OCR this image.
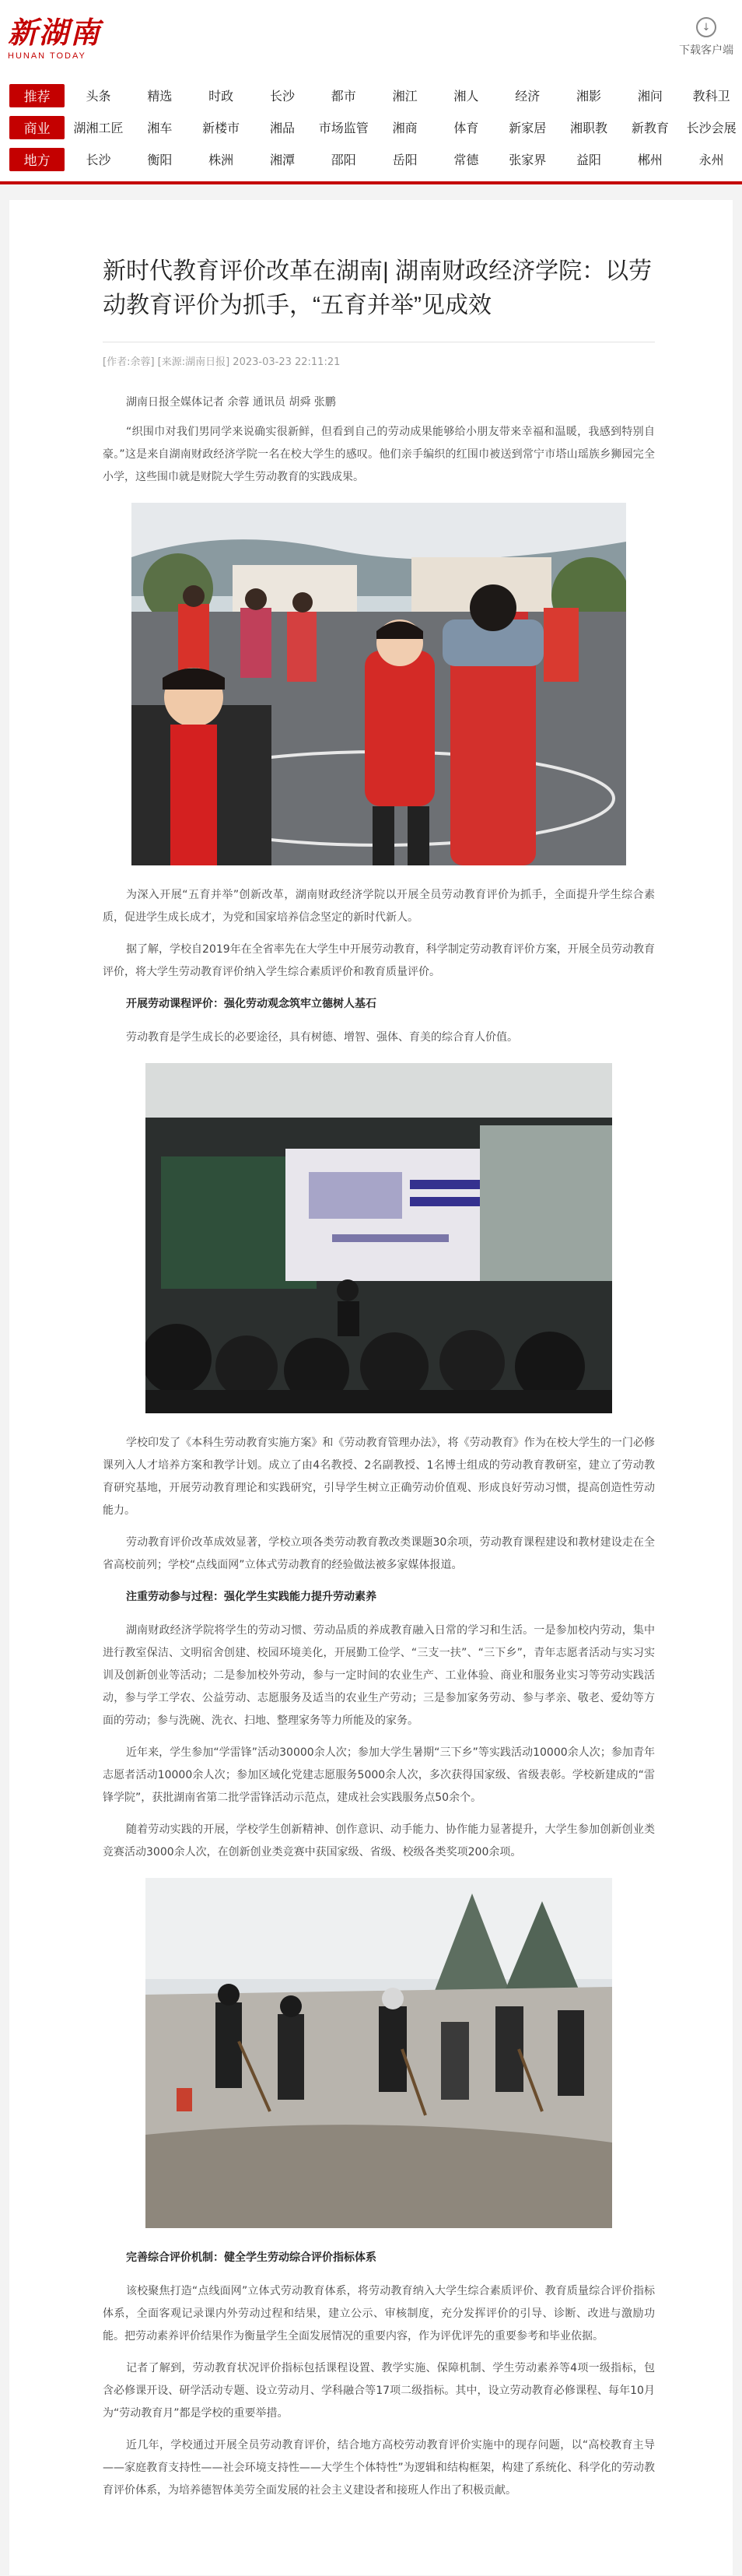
新湖南
HUNAN TODAY
↓
下载客户端
推荐	头条	精选	时政	长沙	都市	湘江	湘人	经济	湘影	湘问	教科卫
商业	湖湘工匠	湘车	新楼市	湘品	市场监管	湘商	体育	新家居	湘职教	新教育	长沙会展
地方	长沙	衡阳	株洲	湘潭	邵阳	岳阳	常德	张家界	益阳	郴州	永州
新时代教育评价改革在湖南| 湖南财政经济学院：以劳动教育评价为抓手，“五育并举”见成效
[作者:余蓉] [来源:湖南日报] 2023-03-23 22:11:21

湖南日报全媒体记者 余蓉 通讯员 胡舜 张鹏

“织围巾对我们男同学来说确实很新鲜，但看到自己的劳动成果能够给小朋友带来幸福和温暖，我感到特别自豪。”这是来自湖南财政经济学院一名在校大学生的感叹。他们亲手编织的红围巾被送到常宁市塔山瑶族乡狮园完全小学，这些围巾就是财院大学生劳动教育的实践成果。

为深入开展“五育并举”创新改革，湖南财政经济学院以开展全员劳动教育评价为抓手，全面提升学生综合素质，促进学生成长成才，为党和国家培养信念坚定的新时代新人。

据了解，学校自2019年在全省率先在大学生中开展劳动教育，科学制定劳动教育评价方案，开展全员劳动教育评价，将大学生劳动教育评价纳入学生综合素质评价和教育质量评价。

开展劳动课程评价：强化劳动观念筑牢立德树人基石

劳动教育是学生成长的必要途径，具有树德、增智、强体、育美的综合育人价值。

学校印发了《本科生劳动教育实施方案》和《劳动教育管理办法》，将《劳动教育》作为在校大学生的一门必修课列入人才培养方案和教学计划。成立了由4名教授、2名副教授、1名博士组成的劳动教育教研室，建立了劳动教育研究基地，开展劳动教育理论和实践研究，引导学生树立正确劳动价值观、形成良好劳动习惯，提高创造性劳动能力。

劳动教育评价改革成效显著，学校立项各类劳动教育教改类课题30余项，劳动教育课程建设和教材建设走在全省高校前列；学校“点线面网”立体式劳动教育的经验做法被多家媒体报道。

注重劳动参与过程：强化学生实践能力提升劳动素养

湖南财政经济学院将学生的劳动习惯、劳动品质的养成教育融入日常的学习和生活。一是参加校内劳动，集中进行教室保洁、文明宿舍创建、校园环境美化，开展勤工俭学、“三支一扶”、“三下乡”，青年志愿者活动与实习实训及创新创业等活动；二是参加校外劳动，参与一定时间的农业生产、工业体验、商业和服务业实习等劳动实践活动，参与学工学农、公益劳动、志愿服务及适当的农业生产劳动；三是参加家务劳动、参与孝亲、敬老、爱幼等方面的劳动；参与洗碗、洗衣、扫地、整理家务等力所能及的家务。

近年来，学生参加“学雷锋”活动30000余人次；参加大学生暑期“三下乡”等实践活动10000余人次；参加青年志愿者活动10000余人次；参加区域化党建志愿服务5000余人次，多次获得国家级、省级表彰。学校新建成的“雷锋学院”，获批湖南省第二批学雷锋活动示范点，建成社会实践服务点50余个。

随着劳动实践的开展，学校学生创新精神、创作意识、动手能力、协作能力显著提升，大学生参加创新创业类竞赛活动3000余人次，在创新创业类竞赛中获国家级、省级、校级各类奖项200余项。

完善综合评价机制：健全学生劳动综合评价指标体系

该校聚焦打造“点线面网”立体式劳动教育体系，将劳动教育纳入大学生综合素质评价、教育质量综合评价指标体系，全面客观记录课内外劳动过程和结果，建立公示、审核制度，充分发挥评价的引导、诊断、改进与激励功能。把劳动素养评价结果作为衡量学生全面发展情况的重要内容，作为评优评先的重要参考和毕业依据。

记者了解到，劳动教育状况评价指标包括课程设置、教学实施、保障机制、学生劳动素养等4项一级指标，包含必修课开设、研学活动专题、设立劳动月、学科融合等17项二级指标。其中，设立劳动教育必修课程、每年10月为“劳动教育月”都是学校的重要举措。

近几年，学校通过开展全员劳动教育评价，结合地方高校劳动教育评价实施中的现存问题，以“高校教育主导——家庭教育支持性——社会环境支持性——大学生个体特性”为逻辑和结构框架，构建了系统化、科学化的劳动教育评价体系，为培养德智体美劳全面发展的社会主义建设者和接班人作出了积极贡献。
